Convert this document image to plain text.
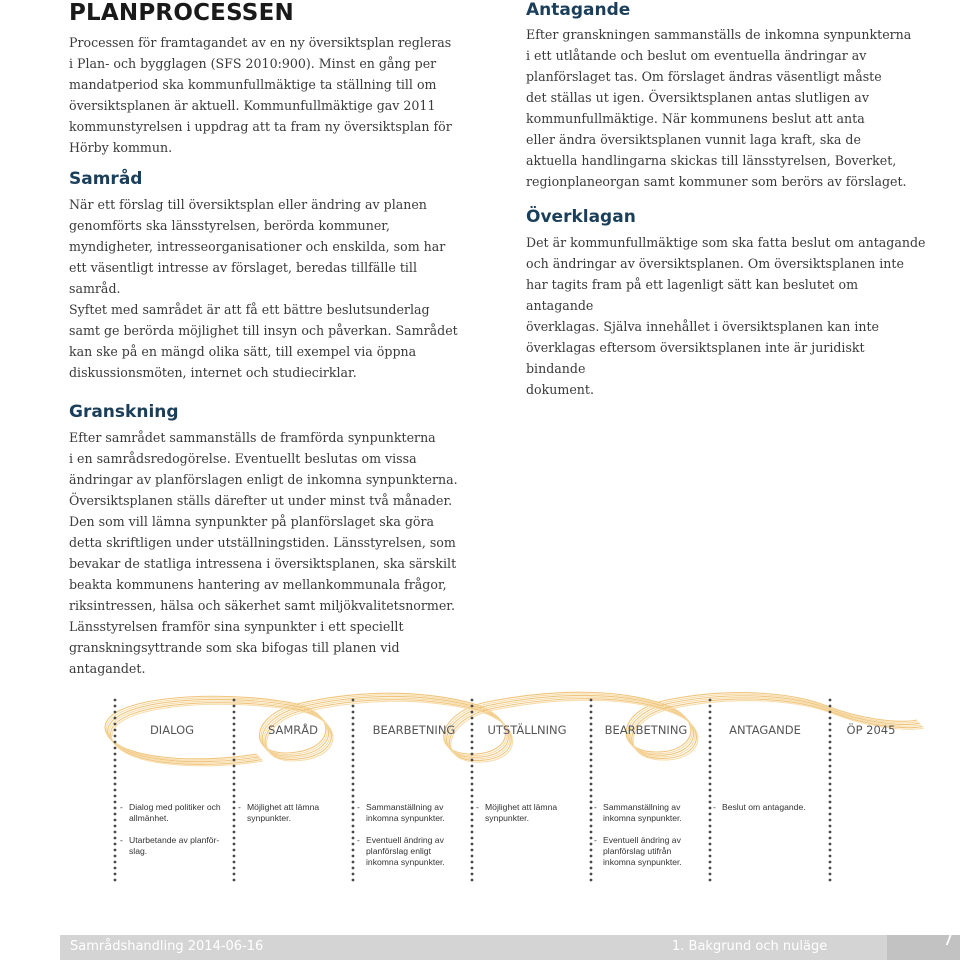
PLANPROCESSEN

Processen för framtagandet av en ny översiktsplan regleras
i Plan- och bygglagen (SFS 2010:900). Minst en gång per
mandatperiod ska kommunfullmäktige ta ställning till om
översiktsplanen är aktuell. Kommunfullmäktige gav 2011
kommunstyrelsen i uppdrag att ta fram ny översiktsplan för
Hörby kommun.

Samråd

När ett förslag till översiktsplan eller ändring av planen
genomförts ska länsstyrelsen, berörda kommuner,
myndigheter, intresseorganisationer och enskilda, som har
ett väsentligt intresse av förslaget, beredas tillfälle till samråd.
Syftet med samrådet är att få ett bättre beslutsunderlag
samt ge berörda möjlighet till insyn och påverkan. Samrådet
kan ske på en mängd olika sätt, till exempel via öppna
diskussionsmöten, internet och studiecirklar.

Granskning

Efter samrådet sammanställs de framförda synpunkterna
i en samrådsredogörelse. Eventuellt beslutas om vissa
ändringar av planförslagen enligt de inkomna synpunkterna.
Översiktsplanen ställs därefter ut under minst två månader.
Den som vill lämna synpunkter på planförslaget ska göra
detta skriftligen under utställningstiden. Länsstyrelsen, som
bevakar de statliga intressena i översiktsplanen, ska särskilt
beakta kommunens hantering av mellankommunala frågor,
riksintressen, hälsa och säkerhet samt miljökvalitetsnormer.
Länsstyrelsen framför sina synpunkter i ett speciellt
granskningsyttrande som ska bifogas till planen vid
antagandet.

Antagande

Efter granskningen sammanställs de inkomna synpunkterna
i ett utlåtande och beslut om eventuella ändringar av
planförslaget tas. Om förslaget ändras väsentligt måste
det ställas ut igen. Översiktsplanen antas slutligen av
kommunfullmäktige. När kommunens beslut att anta
eller ändra översiktsplanen vunnit laga kraft, ska de
aktuella handlingarna skickas till länsstyrelsen, Boverket,
regionplaneorgan samt kommuner som berörs av förslaget.

Överklagan

Det är kommunfullmäktige som ska fatta beslut om antagande
och ändringar av översiktsplanen. Om översiktsplanen inte
har tagits fram på ett lagenligt sätt kan beslutet om antagande
överklagas. Själva innehållet i översiktsplanen kan inte
överklagas eftersom översiktsplanen inte är juridiskt bindande
dokument.

DIALOG	SAMRÅD	BEARBETNING	UTSTÄLLNING	BEARBETNING	ANTAGANDE	ÖP 2045
- Dialog med politiker och allmänhet.
- Utarbetande av planför-slag.
- Möjlighet att lämna synpunkter.
- Sammanställning av inkomna synpunkter.
- Eventuell ändring av planförslag enligt inkomna synpunkter.
- Möjlighet att lämna synpunkter.
- Sammanställning av inkomna synpunkter.
- Eventuell ändring av planförslag utifrån inkomna synpunkter.
- Beslut om antagande.
Samrådshandling 2014-06-16	1. Bakgrund och nuläge	7
